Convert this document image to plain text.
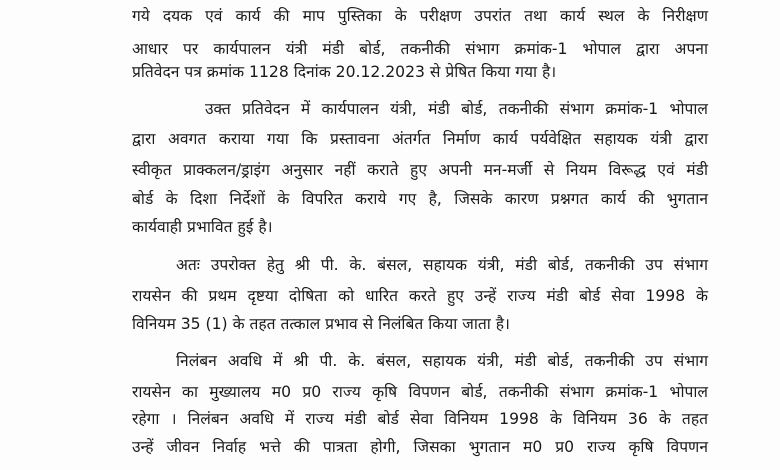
गये दयक एवं कार्य की माप पुस्तिका के परीक्षण उपरांत तथा कार्य स्थल के निरीक्षण
आधार पर कार्यपालन यंत्री मंडी बोर्ड, तकनीकी संभाग क्रमांक-1 भोपाल द्वारा अपना
प्रतिवेदन पत्र क्रमांक 1128 दिनांक 20.12.2023 से प्रेषित किया गया है।
उक्त प्रतिवेदन में कार्यपालन यंत्री, मंडी बोर्ड, तकनीकी संभाग क्रमांक-1 भोपाल
द्वारा अवगत कराया गया कि प्रस्तावना अंतर्गत निर्माण कार्य पर्यवेक्षित सहायक यंत्री द्वारा
स्वीकृत प्राक्कलन/ड्राइंग अनुसार नहीं कराते हुए अपनी मन-मर्जी से नियम विरूद्ध एवं मंडी
बोर्ड के दिशा निर्देशों के विपरित कराये गए है, जिसके कारण प्रश्नगत कार्य की भुगतान
कार्यवाही प्रभावित हुई है।
अतः उपरोक्त हेतु श्री पी. के. बंसल, सहायक यंत्री, मंडी बोर्ड, तकनीकी उप संभाग
रायसेन की प्रथम दृष्टया दोषिता को धारित करते हुए उन्हें राज्य मंडी बोर्ड सेवा 1998 के
विनियम 35 (1) के तहत तत्काल प्रभाव से निलंबित किया जाता है।
निलंबन अवधि में श्री पी. के. बंसल, सहायक यंत्री, मंडी बोर्ड, तकनीकी उप संभाग
रायसेन का मुख्यालय म0 प्र0 राज्य कृषि विपणन बोर्ड, तकनीकी संभाग क्रमांक-1 भोपाल
रहेगा । निलंबन अवधि में राज्य मंडी बोर्ड सेवा विनियम 1998 के विनियम 36 के तहत
उन्हें जीवन निर्वाह भत्ते की पात्रता होगी, जिसका भुगतान म0 प्र0 राज्य कृषि विपणन
